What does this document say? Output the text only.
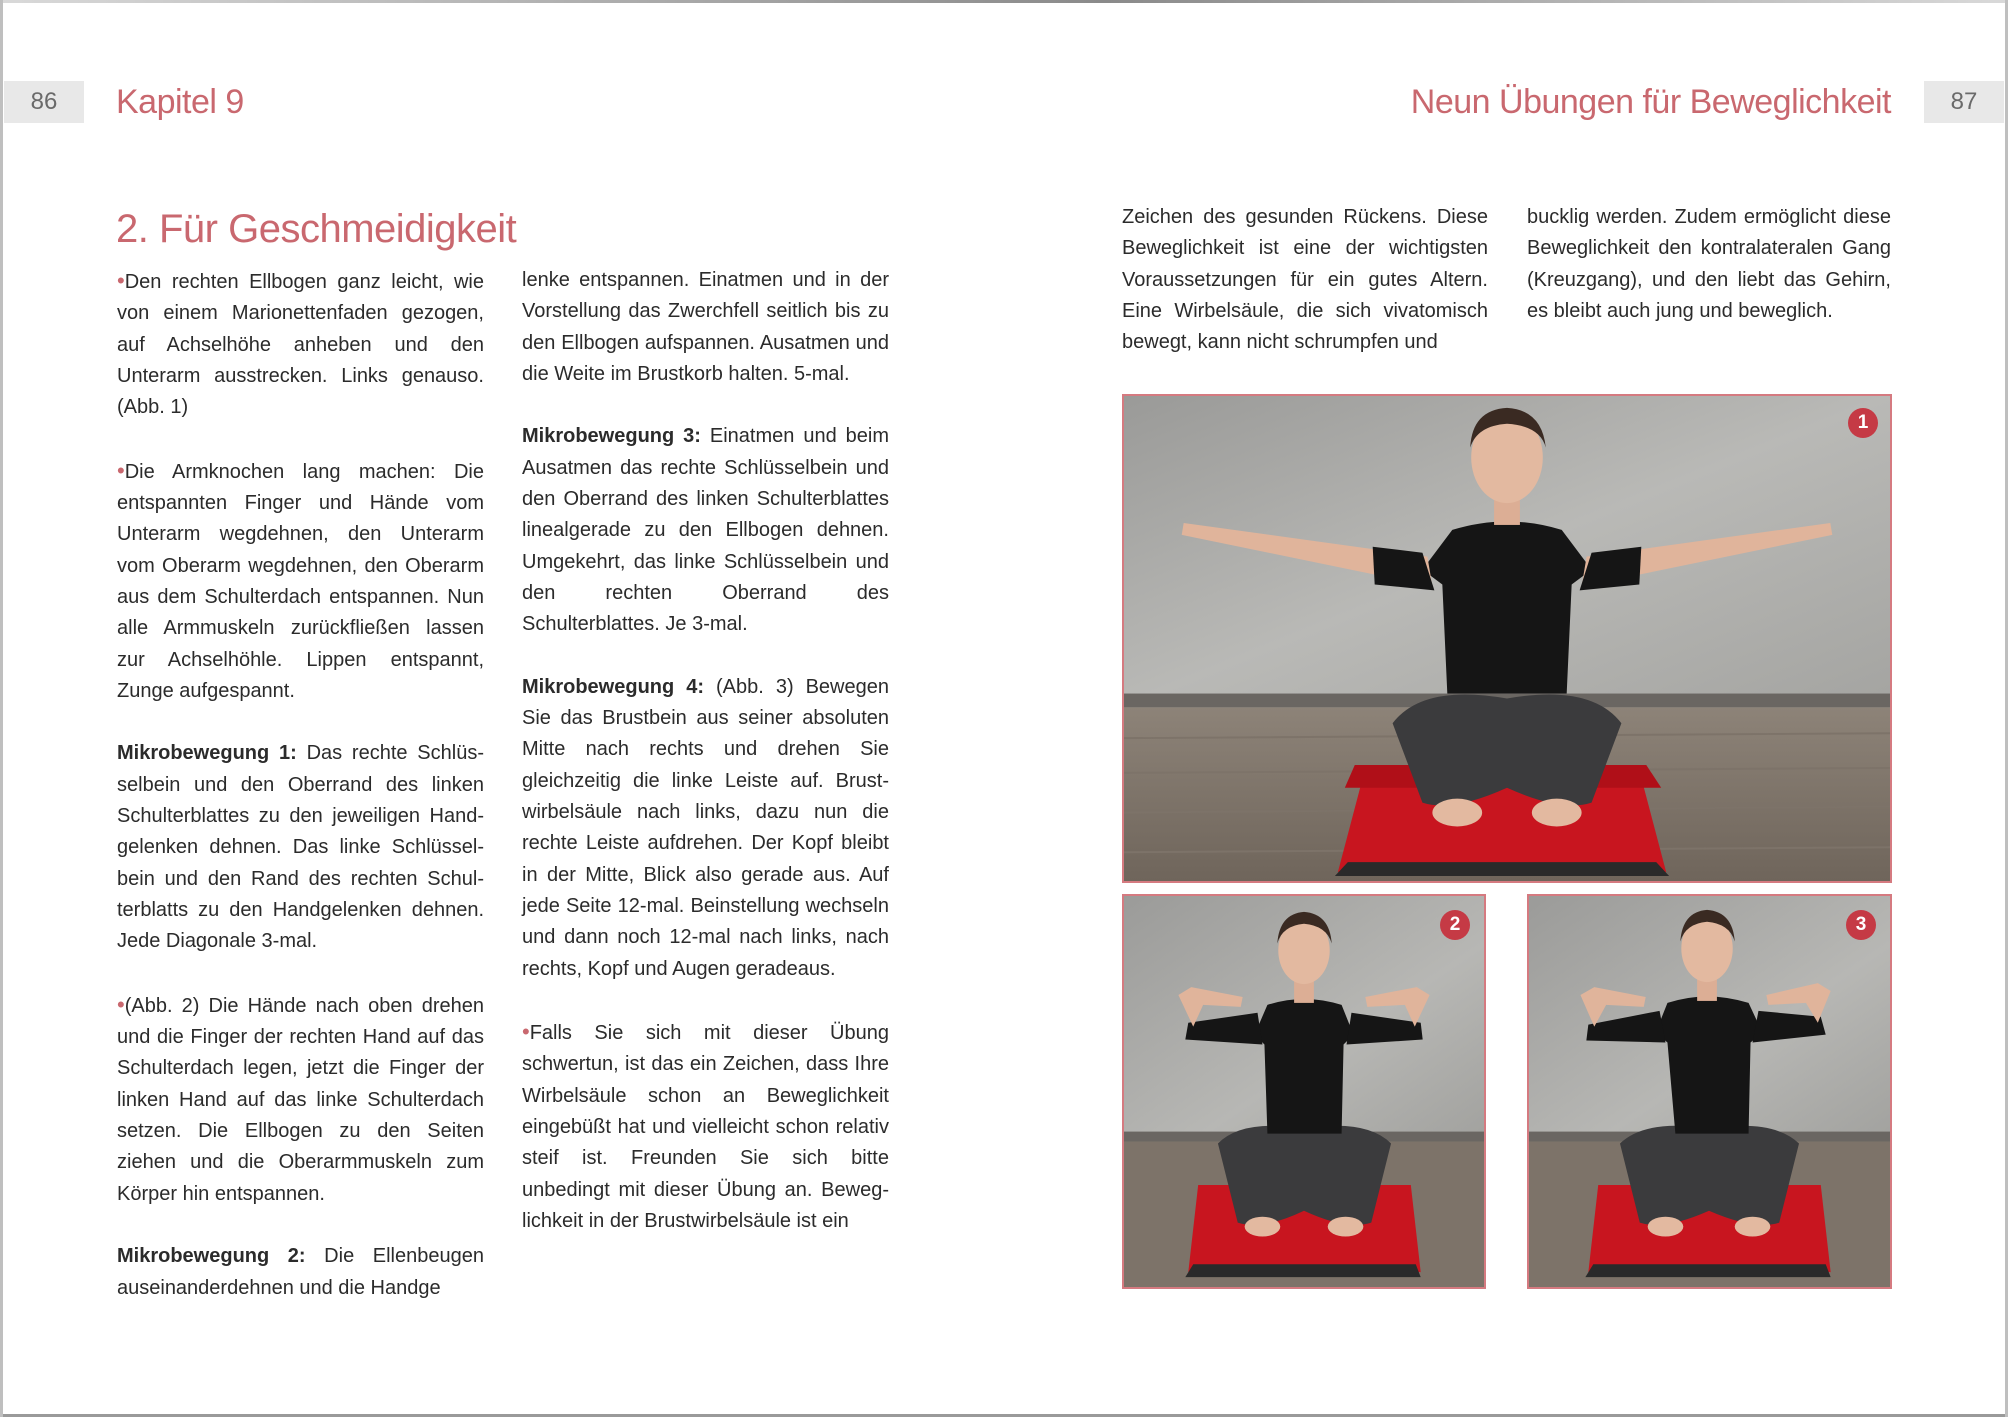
86	Kapitel 9	Neun Übungen für Beweglichkeit	87
2. Für Geschmeidigkeit

•Den rechten Ellbogen ganz leicht, wie von einem Marionettenfaden gezogen, auf Achselhöhe anheben und den Unterarm ausstrecken. Links genauso. (Abb. 1)

•Die Armknochen lang machen: Die entspannten Finger und Hände vom Unterarm wegdehnen, den Unterarm vom Oberarm wegdehnen, den Oberarm aus dem Schulterdach entspannen. Nun alle Armmuskeln zurückfließen lassen zur Achselhöhle. Lippen entspannt, Zunge aufgespannt.

Mikrobewegung 1: Das rechte Schlüsselbein und den Oberrand des linken Schulterblattes zu den jeweiligen Handgelenken dehnen. Das linke Schlüsselbein und den Rand des rechten Schulterblatts zu den Handgelenken dehnen. Jede Diagonale 3-mal.

•(Abb. 2) Die Hände nach oben drehen und die Finger der rechten Hand auf das Schulterdach legen, jetzt die Finger der linken Hand auf das linke Schulterdach setzen. Die Ellbogen zu den Seiten ziehen und die Oberarmmuskeln zum Körper hin entspannen.

Mikrobewegung 2: Die Ellenbeugen auseinanderdehnen und die Handge

lenke entspannen. Einatmen und in der Vorstellung das Zwerchfell seitlich bis zu den Ellbogen aufspannen. Ausatmen und die Weite im Brustkorb halten. 5-mal.

Mikrobewegung 3: Einatmen und beim Ausatmen das rechte Schlüsselbein und den Oberrand des linken Schulterblattes linealgerade zu den Ellbogen dehnen. Umgekehrt, das linke Schlüsselbein und den rechten Oberrand des Schulterblattes. Je 3-mal.

Mikrobewegung 4: (Abb. 3) Bewegen Sie das Brustbein aus seiner absoluten Mitte nach rechts und drehen Sie gleichzeitig die linke Leiste auf. Brustwirbelsäule nach links, dazu nun die rechte Leiste aufdrehen. Der Kopf bleibt in der Mitte, Blick also gerade aus. Auf jede Seite 12-mal. Beinstellung wechseln und dann noch 12-mal nach links, nach rechts, Kopf und Augen geradeaus.

•Falls Sie sich mit dieser Übung schwertun, ist das ein Zeichen, dass Ihre Wirbelsäule schon an Beweglichkeit eingebüßt hat und vielleicht schon relativ steif ist. Freunden Sie sich bitte unbedingt mit dieser Übung an. Beweglichkeit in der Brustwirbelsäule ist ein

Zeichen des gesunden Rückens. Diese Beweglichkeit ist eine der wichtigsten Voraussetzungen für ein gutes Altern. Eine Wirbelsäule, die sich vivatomisch bewegt, kann nicht schrumpfen und

bucklig werden. Zudem ermöglicht diese Beweglichkeit den kontralateralen Gang (Kreuzgang), und den liebt das Gehirn, es bleibt auch jung und beweglich.

1
2	3
